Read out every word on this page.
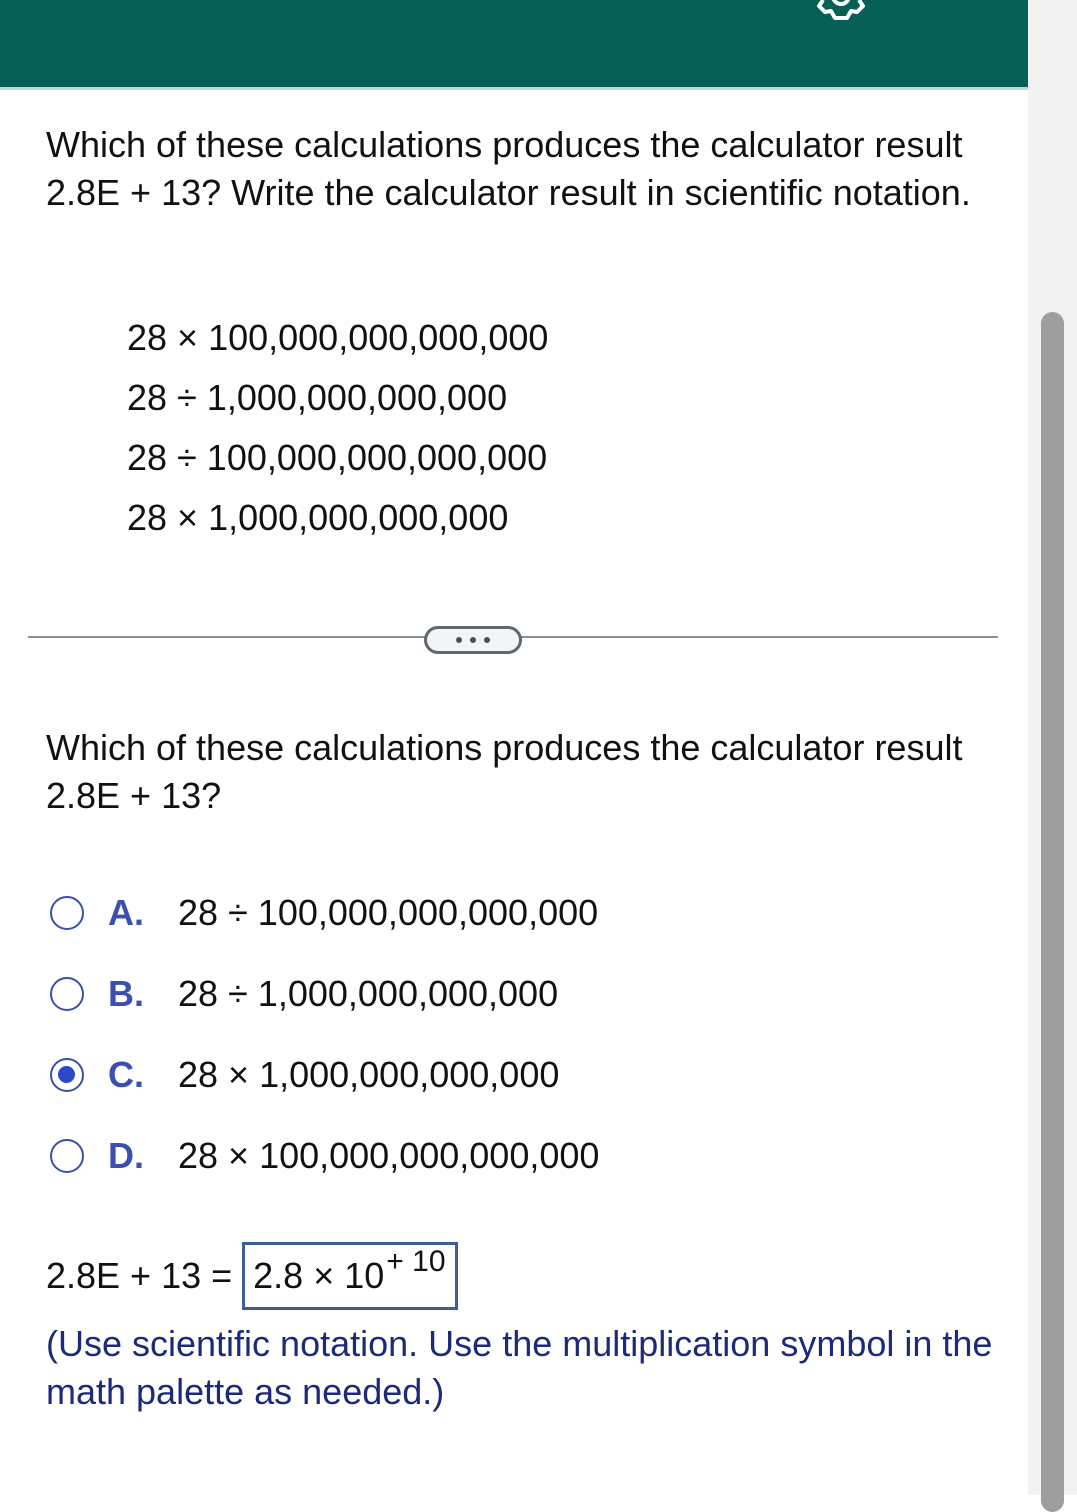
Which of these calculations produces the calculator result 2.8E + 13? Write the calculator result in scientific notation.
28 × 100,000,000,000,000
28 ÷ 1,000,000,000,000
28 ÷ 100,000,000,000,000
28 × 1,000,000,000,000
Which of these calculations produces the calculator result 2.8E + 13?
A. 28 ÷ 100,000,000,000,000
B. 28 ÷ 1,000,000,000,000
C. 28 × 1,000,000,000,000
D. 28 × 100,000,000,000,000
$2.8E + 13 = 2.8 \times 10^{+ 10}$
(Use scientific notation. Use the multiplication symbol in the math palette as needed.)
